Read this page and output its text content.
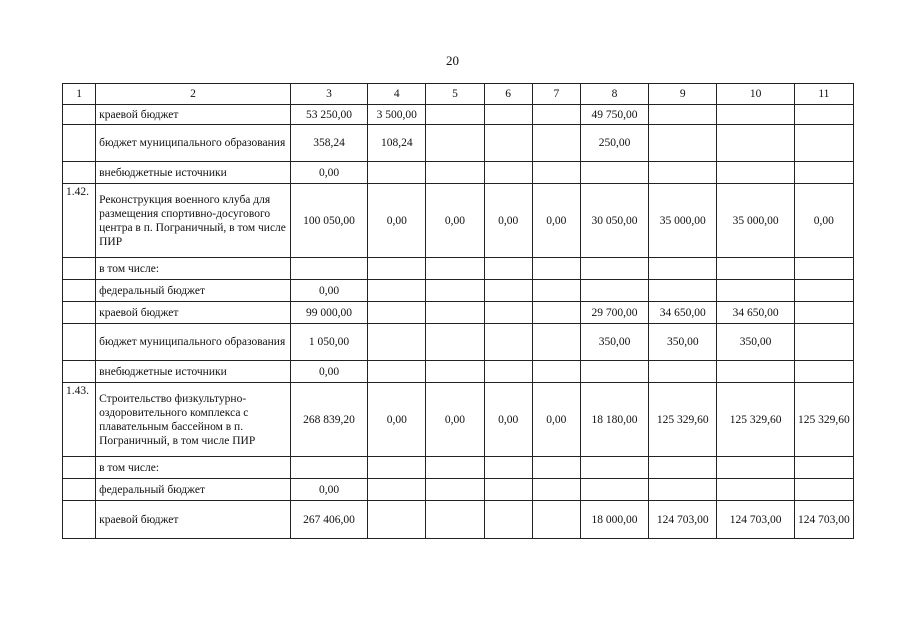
20
1	2	3	4	5	6	7	8	9	10	11
	краевой бюджет	53 250,00	3 500,00				49 750,00			
	бюджет муниципального образования	358,24	108,24				250,00			
	внебюджетные источники	0,00								
1.42.	Реконструкция военного клуба для размещения спортивно-досугового центра в п. Пограничный, в том числе ПИР	100 050,00	0,00	0,00	0,00	0,00	30 050,00	35 000,00	35 000,00	0,00
	в том числе:									
	федеральный бюджет	0,00								
	краевой бюджет	99 000,00					29 700,00	34 650,00	34 650,00	
	бюджет муниципального образования	1 050,00					350,00	350,00	350,00	
	внебюджетные источники	0,00								
1.43.	Строительство физкультурно-оздоровительного комплекса с плавательным бассейном в п. Пограничный, в том числе ПИР	268 839,20	0,00	0,00	0,00	0,00	18 180,00	125 329,60	125 329,60	125 329,60
	в том числе:									
	федеральный бюджет	0,00								
	краевой бюджет	267 406,00					18 000,00	124 703,00	124 703,00	124 703,00
